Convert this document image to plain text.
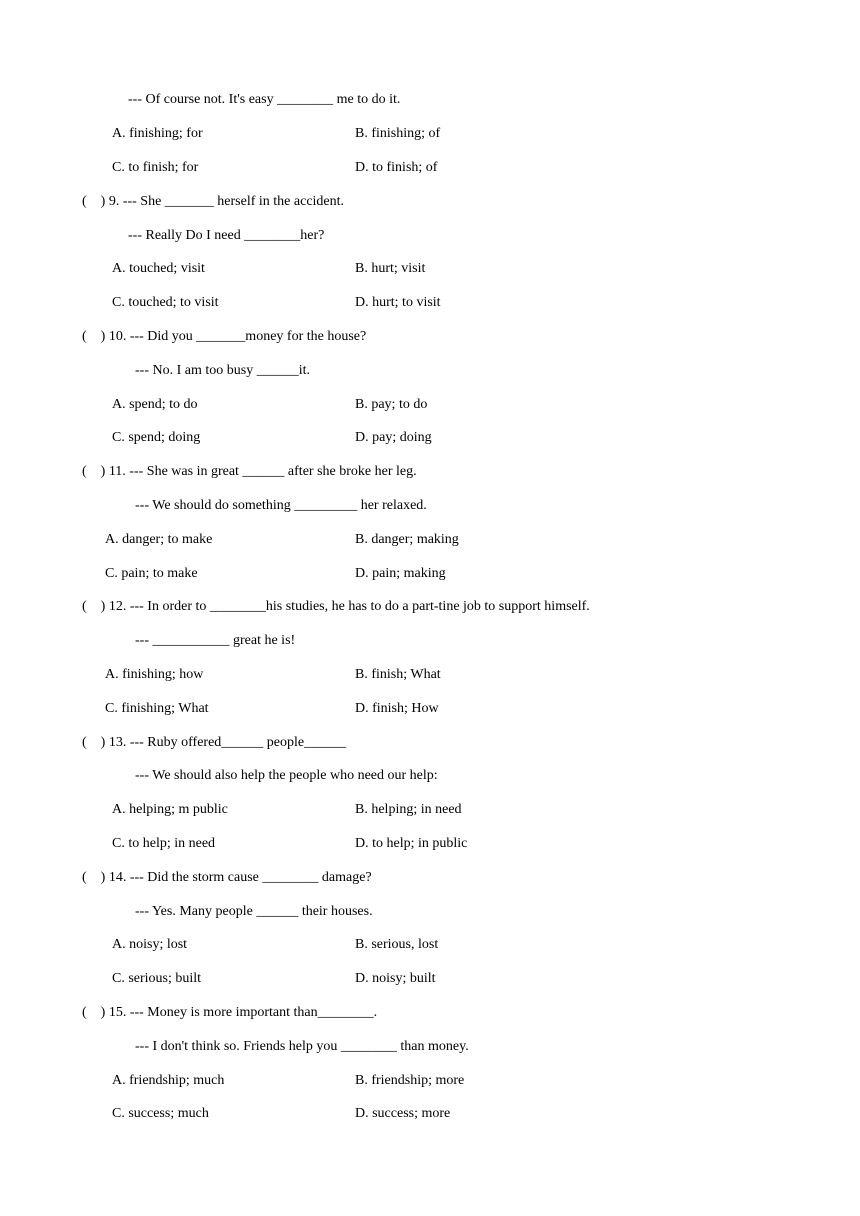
--- Of course not. It's easy ________ me to do it.
A. finishing; for	B. finishing; of
C. to finish; for	D. to finish; of
(    ) 9. --- She _______ herself in the accident.
--- Really Do I need ________her?
A. touched; visit	B. hurt; visit
C. touched; to visit	D. hurt; to visit
(    ) 10. --- Did you _______money for the house?
--- No. I am too busy ______it.
A. spend; to do	B. pay; to do
C. spend; doing	D. pay; doing
(    ) 11. --- She was in great ______ after she broke her leg.
--- We should do something _________ her relaxed.
A. danger; to make	B. danger; making
C. pain; to make	D. pain; making
(    ) 12. --- In order to ________his studies, he has to do a part-tine job to support himself.
--- ___________ great he is!
A. finishing; how	B. finish; What
C. finishing; What	D. finish; How
(    ) 13. --- Ruby offered______ people______
--- We should also help the people who need our help:
A. helping; m public	B. helping; in need
C. to help; in need	D. to help; in public
(    ) 14. --- Did the storm cause ________ damage?
--- Yes. Many people ______ their houses.
A. noisy; lost	B. serious, lost
C. serious; built	D. noisy; built
(    ) 15. --- Money is more important than________.
--- I don't think so. Friends help you ________ than money.
A. friendship; much	B. friendship; more
C. success; much	D. success; more
